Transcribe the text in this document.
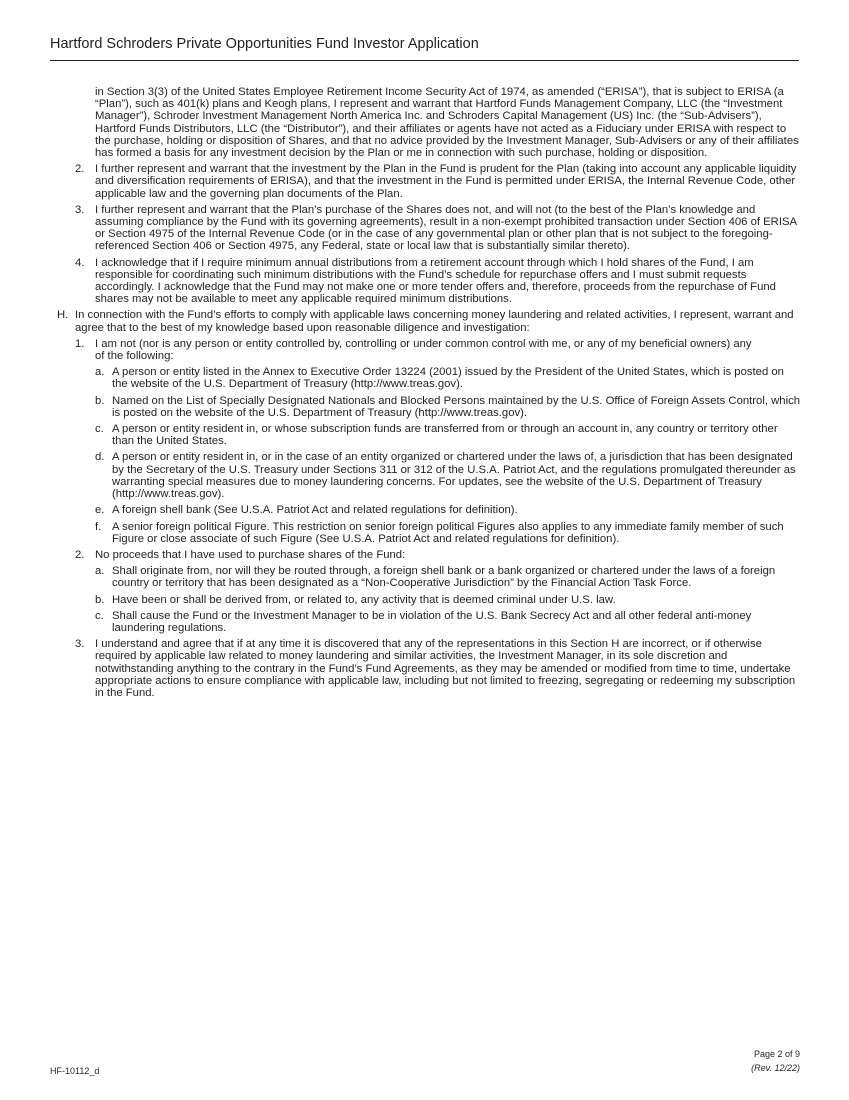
Hartford Schroders Private Opportunities Fund Investor Application

in Section 3(3) of the United States Employee Retirement Income Security Act of 1974, as amended (“ERISA”), that is subject to ERISA (a “Plan”), such as 401(k) plans and Keogh plans, I represent and warrant that Hartford Funds Management Company, LLC (the “Investment Manager”), Schroder Investment Management North America Inc. and Schroders Capital Management (US) Inc. (the “Sub-Advisers”), Hartford Funds Distributors, LLC (the “Distributor”), and their affiliates or agents have not acted as a Fiduciary under ERISA with respect to the purchase, holding or disposition of Shares, and that no advice provided by the Investment Manager, Sub-Advisers or any of their affiliates has formed a basis for any investment decision by the Plan or me in connection with such purchase, holding or disposition.

2. I further represent and warrant that the investment by the Plan in the Fund is prudent for the Plan (taking into account any applicable liquidity and diversification requirements of ERISA), and that the investment in the Fund is permitted under ERISA, the Internal Revenue Code, other applicable law and the governing plan documents of the Plan.
3. I further represent and warrant that the Plan’s purchase of the Shares does not, and will not (to the best of the Plan’s knowledge and assuming compliance by the Fund with its governing agreements), result in a non-exempt prohibited transaction under Section 406 of ERISA or Section 4975 of the Internal Revenue Code (or in the case of any governmental plan or other plan that is not subject to the foregoing-referenced Section 406 or Section 4975, any Federal, state or local law that is substantially similar thereto).
4. I acknowledge that if I require minimum annual distributions from a retirement account through which I hold shares of the Fund, I am responsible for coordinating such minimum distributions with the Fund’s schedule for repurchase offers and I must submit requests accordingly. I acknowledge that the Fund may not make one or more tender offers and, therefore, proceeds from the repurchase of Fund shares may not be available to meet any applicable required minimum distributions.
H. In connection with the Fund’s efforts to comply with applicable laws concerning money laundering and related activities, I represent, warrant and agree that to the best of my knowledge based upon reasonable diligence and investigation:
1. I am not (nor is any person or entity controlled by, controlling or under common control with me, or any of my beneficial owners) any of the following:
a. A person or entity listed in the Annex to Executive Order 13224 (2001) issued by the President of the United States, which is posted on the website of the U.S. Department of Treasury (http://www.treas.gov).
b. Named on the List of Specially Designated Nationals and Blocked Persons maintained by the U.S. Office of Foreign Assets Control, which is posted on the website of the U.S. Department of Treasury (http://www.treas.gov).
c. A person or entity resident in, or whose subscription funds are transferred from or through an account in, any country or territory other than the United States.
d. A person or entity resident in, or in the case of an entity organized or chartered under the laws of, a jurisdiction that has been designated by the Secretary of the U.S. Treasury under Sections 311 or 312 of the U.S.A. Patriot Act, and the regulations promulgated thereunder as warranting special measures due to money laundering concerns. For updates, see the website of the U.S. Department of Treasury (http://www.treas.gov).
e. A foreign shell bank (See U.S.A. Patriot Act and related regulations for definition).
f. A senior foreign political Figure. This restriction on senior foreign political Figures also applies to any immediate family member of such Figure or close associate of such Figure (See U.S.A. Patriot Act and related regulations for definition).
2. No proceeds that I have used to purchase shares of the Fund:
a. Shall originate from, nor will they be routed through, a foreign shell bank or a bank organized or chartered under the laws of a foreign country or territory that has been designated as a “Non-Cooperative Jurisdiction” by the Financial Action Task Force.
b. Have been or shall be derived from, or related to, any activity that is deemed criminal under U.S. law.
c. Shall cause the Fund or the Investment Manager to be in violation of the U.S. Bank Secrecy Act and all other federal anti-money laundering regulations.
3. I understand and agree that if at any time it is discovered that any of the representations in this Section H are incorrect, or if otherwise required by applicable law related to money laundering and similar activities, the Investment Manager, in its sole discretion and notwithstanding anything to the contrary in the Fund’s Fund Agreements, as they may be amended or modified from time to time, undertake appropriate actions to ensure compliance with applicable law, including but not limited to freezing, segregating or redeeming my subscription in the Fund.
HF-10112_d
Page 2 of 9
(Rev. 12/22)
